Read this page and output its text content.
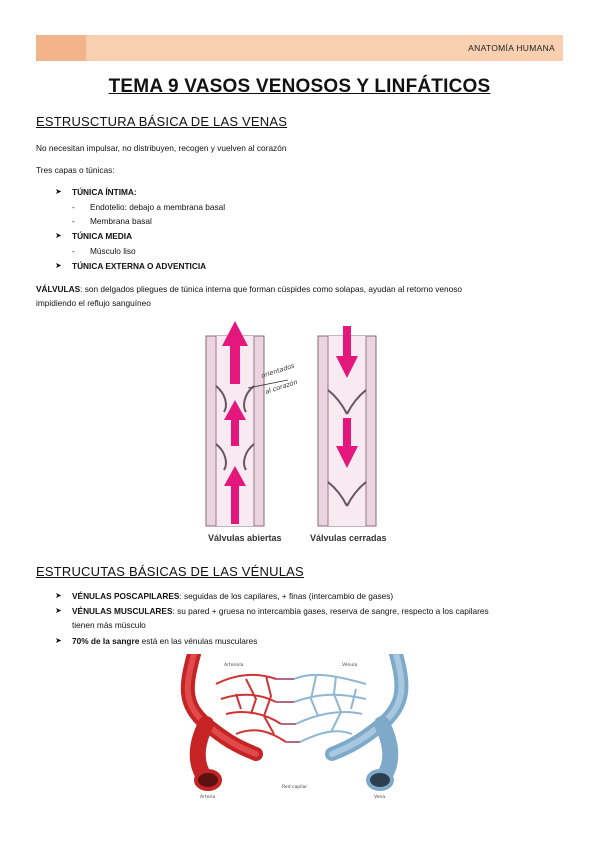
ANATOMÍA HUMANA
TEMA 9 VASOS VENOSOS Y LINFÁTICOS
ESTRUSCTURA BÁSICA DE LAS VENAS
No necesitan impulsar, no distribuyen, recogen y vuelven al corazón
Tres capas o túnicas:
➤ TÚNICA ÍNTIMA:
- Endotelio: debajo a membrana basal
- Membrana basal
➤ TÚNICA MEDIA
- Músculo liso
➤ TÚNICA EXTERNA O ADVENTICIA
VÁLVULAS: son delgados pliegues de túnica interna que forman cúspides como solapas, ayudan al retorno venoso
impidiendo el reflujo sanguíneo
orientados
al corazón
Válvulas abiertas	Válvulas cerradas
ESTRUCUTAS BÁSICAS DE LAS VÉNULAS
➤ VÉNULAS POSCAPILARES: seguidas de los capilares, + finas (intercambio de gases)
➤ VÉNULAS MUSCULARES: su pared + gruesa no intercambia gases, reserva de sangre, respecto a los capilares
tienen más músculo
➤ 70% de la sangre está en las vénulas musculares
Arteriola	Vénula
Arteria
Red capilar
Vena
